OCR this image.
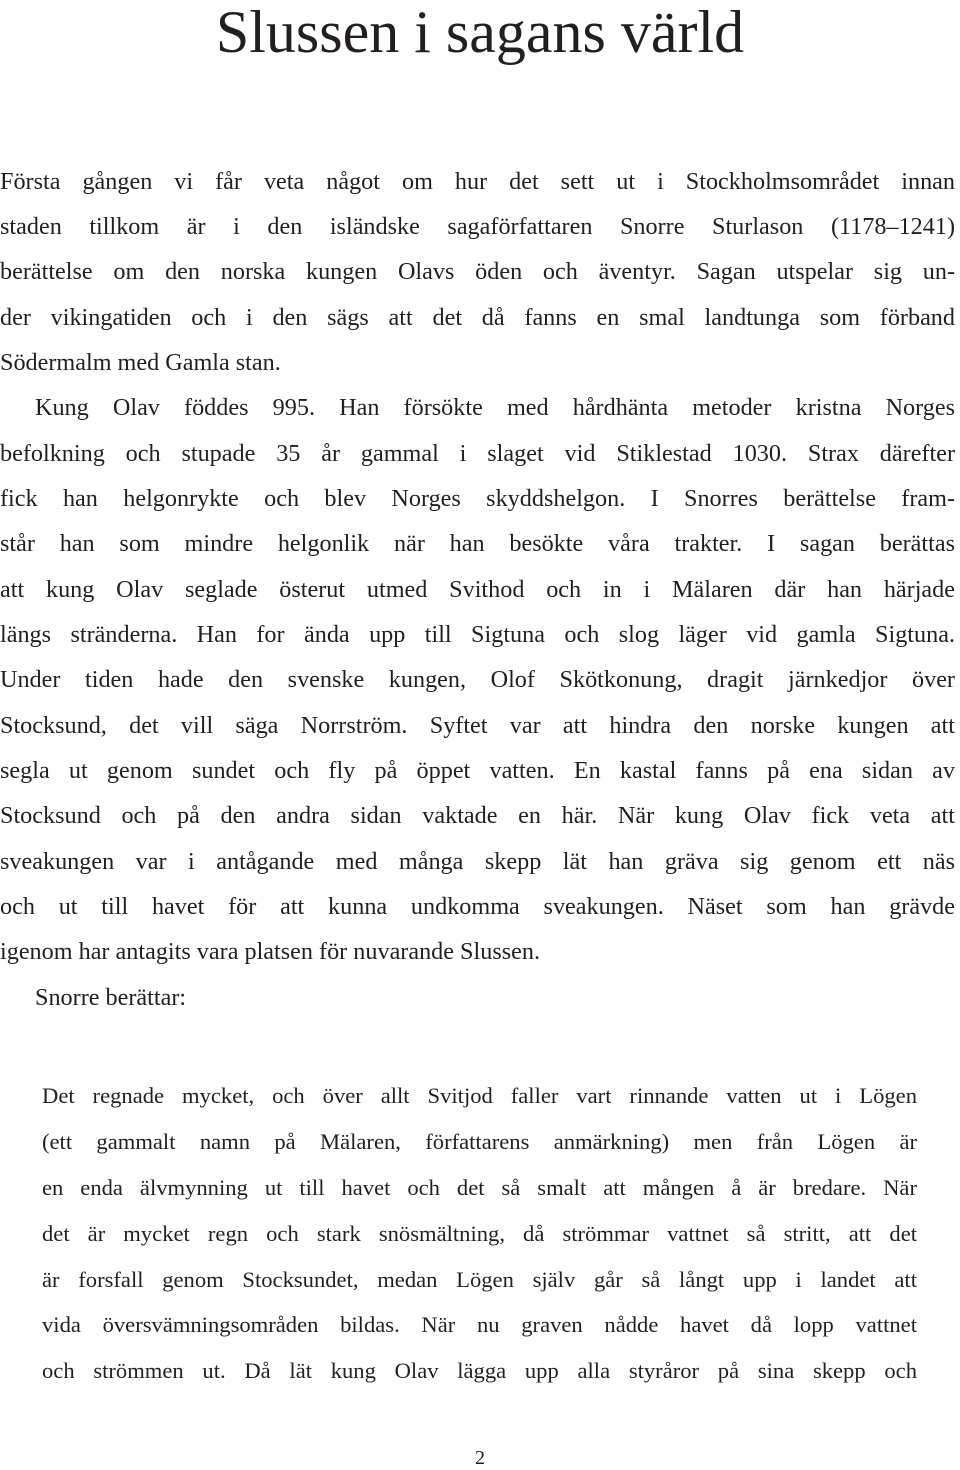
Slussen i sagans värld
Första gången vi får veta något om hur det sett ut i Stockholmsområdet innan
staden tillkom är i den isländske sagaförfattaren Snorre Sturlason (1178–1241)
berättelse om den norska kungen Olavs öden och äventyr. Sagan utspelar sig un-
der vikingatiden och i den sägs att det då fanns en smal landtunga som förband
Södermalm med Gamla stan.
Kung Olav föddes 995. Han försökte med hårdhänta metoder kristna Norges
befolkning och stupade 35 år gammal i slaget vid Stiklestad 1030. Strax därefter
fick han helgonrykte och blev Norges skyddshelgon. I Snorres berättelse fram-
står han som mindre helgonlik när han besökte våra trakter. I sagan berättas
att kung Olav seglade österut utmed Svithod och in i Mälaren där han härjade
längs stränderna. Han for ända upp till Sigtuna och slog läger vid gamla Sigtuna.
Under tiden hade den svenske kungen, Olof Skötkonung, dragit järnkedjor över
Stocksund, det vill säga Norrström. Syftet var att hindra den norske kungen att
segla ut genom sundet och fly på öppet vatten. En kastal fanns på ena sidan av
Stocksund och på den andra sidan vaktade en här. När kung Olav fick veta att
sveakungen var i antågande med många skepp lät han gräva sig genom ett näs
och ut till havet för att kunna undkomma sveakungen. Näset som han grävde
igenom har antagits vara platsen för nuvarande Slussen.
Snorre berättar:
Det regnade mycket, och över allt Svitjod faller vart rinnande vatten ut i Lögen
(ett gammalt namn på Mälaren, författarens anmärkning) men från Lögen är
en enda älvmynning ut till havet och det så smalt att mången å är bredare. När
det är mycket regn och stark snösmältning, då strömmar vattnet så stritt, att det
är forsfall genom Stocksundet, medan Lögen själv går så långt upp i landet att
vida översvämningsområden bildas. När nu graven nådde havet då lopp vattnet
och strömmen ut. Då lät kung Olav lägga upp alla styråror på sina skepp och
2
